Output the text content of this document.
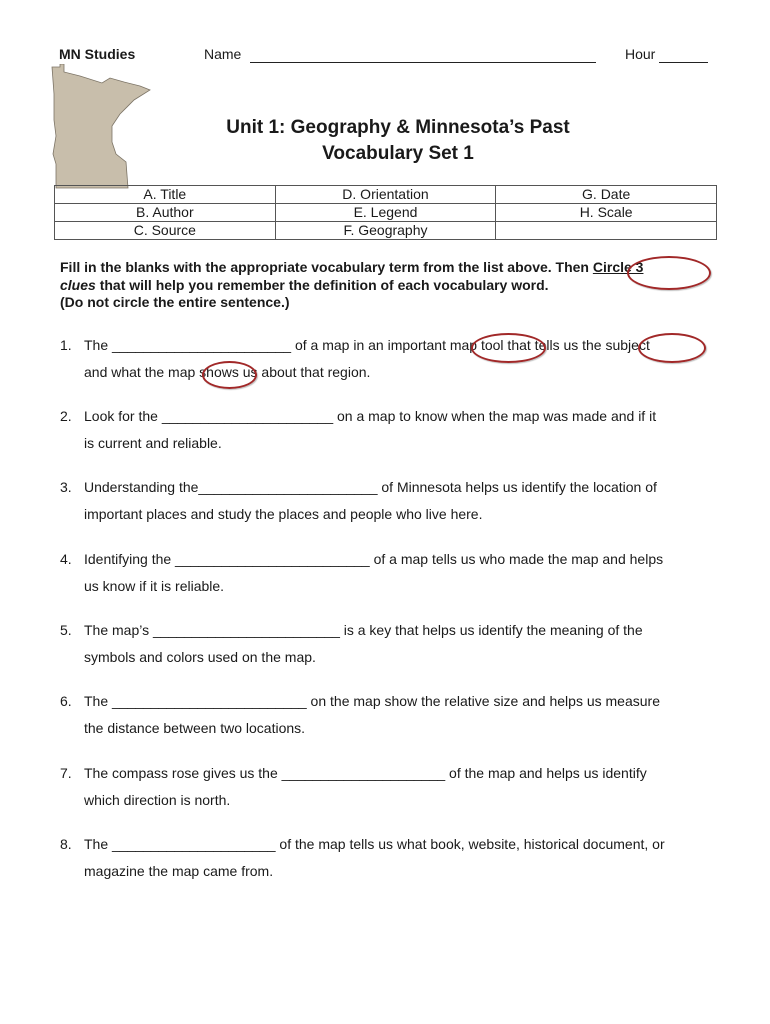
MN Studies	Name	Hour
Unit 1: Geography & Minnesota’s Past
Vocabulary Set 1
A. Title	D. Orientation	G. Date
B. Author	E. Legend	H. Scale
C. Source	F. Geography	
Fill in the blanks with the appropriate vocabulary term from the list above. Then Circle 3
clues that will help you remember the definition of each vocabulary word.
(Do not circle the entire sentence.)
1. The _______________________ of a map in an important map tool that tells us the subject
and what the map shows us about that region.
2. Look for the ______________________ on a map to know when the map was made and if it
is current and reliable.
3. Understanding the_______________________ of Minnesota helps us identify the location of
important places and study the places and people who live here.
4. Identifying the _________________________ of a map tells us who made the map and helps
us know if it is reliable.
5. The map’s ________________________ is a key that helps us identify the meaning of the
symbols and colors used on the map.
6. The _________________________ on the map show the relative size and helps us measure
the distance between two locations.
7. The compass rose gives us the _____________________ of the map and helps us identify
which direction is north.
8. The _____________________ of the map tells us what book, website, historical document, or
magazine the map came from.
